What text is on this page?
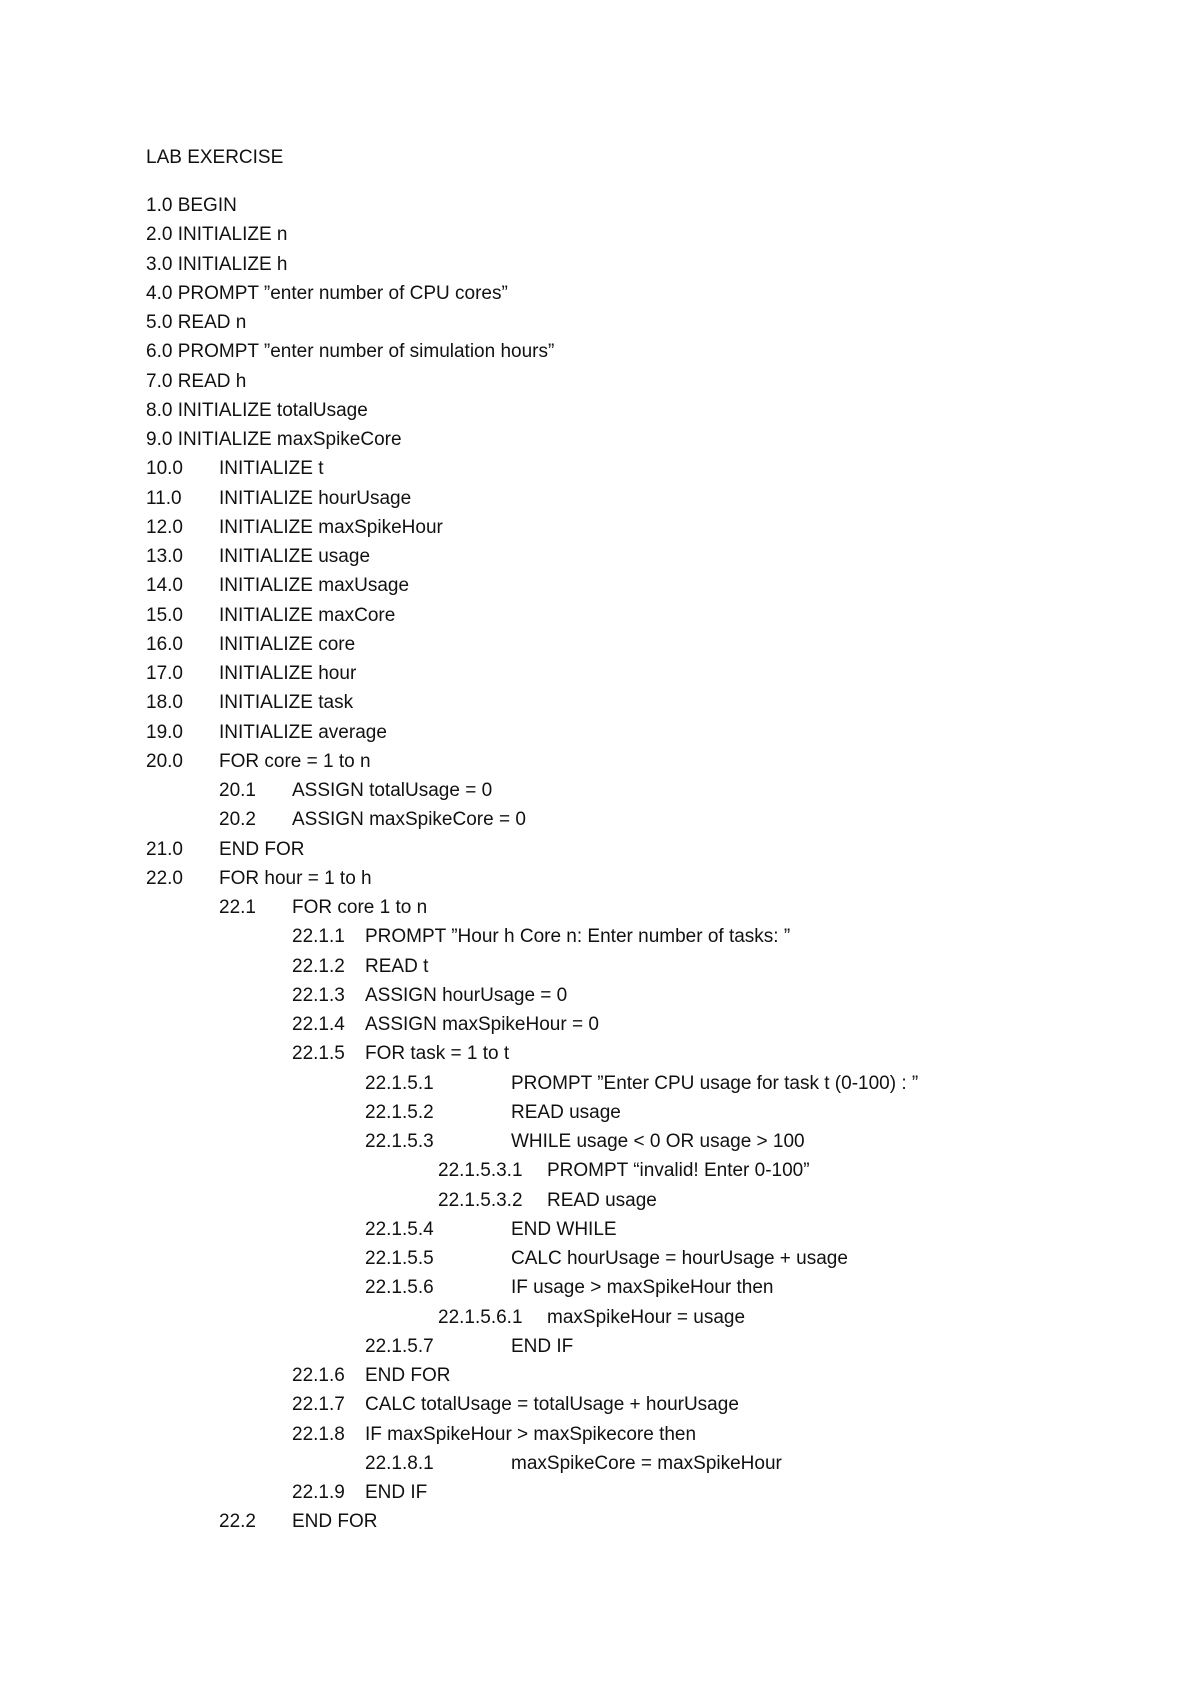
LAB EXERCISE
1.0 BEGIN
2.0 INITIALIZE n
3.0 INITIALIZE h
4.0 PROMPT ”enter number of CPU cores”
5.0 READ n
6.0 PROMPT ”enter number of simulation hours”
7.0 READ h
8.0 INITIALIZE totalUsage
9.0 INITIALIZE maxSpikeCore
10.0 INITIALIZE t
11.0 INITIALIZE hourUsage
12.0 INITIALIZE maxSpikeHour
13.0 INITIALIZE usage
14.0 INITIALIZE maxUsage
15.0 INITIALIZE maxCore
16.0 INITIALIZE core
17.0 INITIALIZE hour
18.0 INITIALIZE task
19.0 INITIALIZE average
20.0 FOR core = 1 to n
20.1 ASSIGN totalUsage = 0
20.2 ASSIGN maxSpikeCore = 0
21.0 END FOR
22.0 FOR hour = 1 to h
22.1 FOR core 1 to n
22.1.1 PROMPT ”Hour h Core n: Enter number of tasks: ”
22.1.2 READ t
22.1.3 ASSIGN hourUsage = 0
22.1.4 ASSIGN maxSpikeHour = 0
22.1.5 FOR task = 1 to t
22.1.5.1	PROMPT ”Enter CPU usage for task t (0-100) : ”
22.1.5.2	READ usage
22.1.5.3	WHILE usage < 0 OR usage > 100
22.1.5.3.1 PROMPT “invalid! Enter 0-100”
22.1.5.3.2 READ usage
22.1.5.4	END WHILE
22.1.5.5	CALC hourUsage = hourUsage + usage
22.1.5.6	IF usage > maxSpikeHour then
22.1.5.6.1 maxSpikeHour = usage
22.1.5.7	END IF
22.1.6 END FOR
22.1.7 CALC totalUsage = totalUsage + hourUsage
22.1.8 IF maxSpikeHour > maxSpikecore then
22.1.8.1	maxSpikeCore = maxSpikeHour
22.1.9 END IF
22.2 END FOR
